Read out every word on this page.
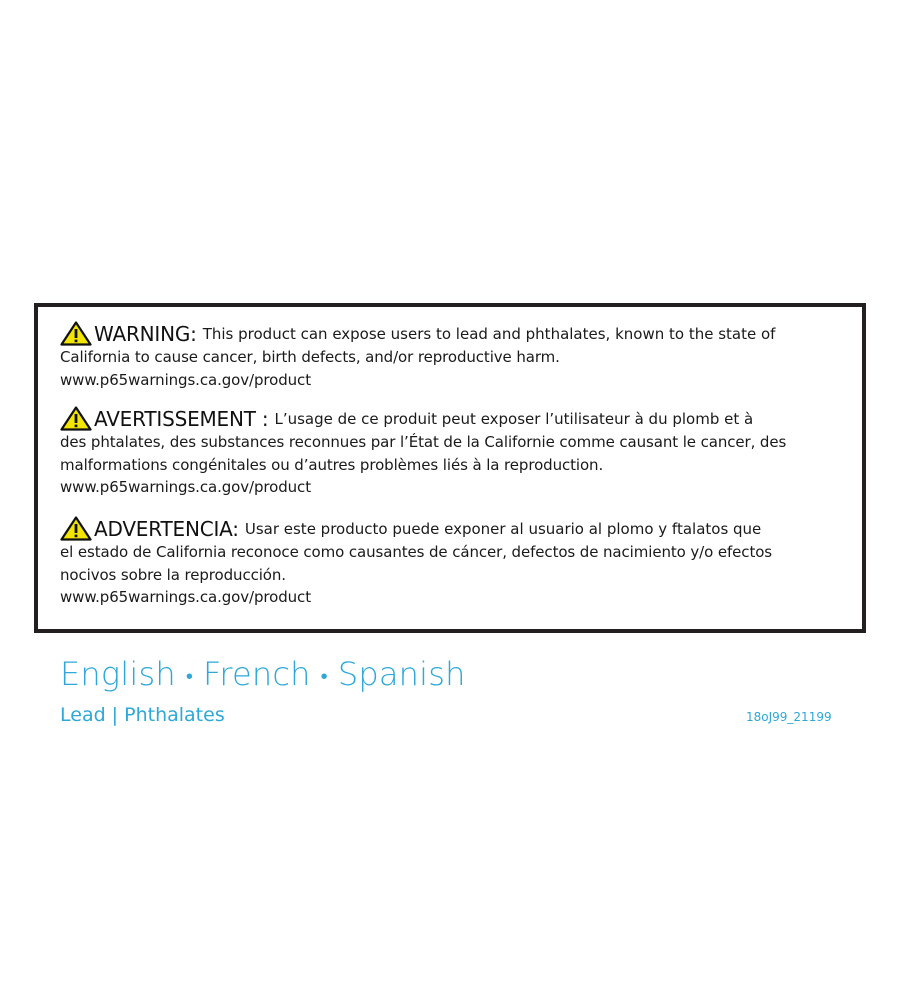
WARNING: This product can expose users to lead and phthalates, known to the state of

California to cause cancer, birth defects, and/or reproductive harm.

www.p65warnings.ca.gov/product

AVERTISSEMENT : L’usage de ce produit peut exposer l’utilisateur à du plomb et à

des phtalates, des substances reconnues par l’État de la Californie comme causant le cancer, des

malformations congénitales ou d’autres problèmes liés à la reproduction.

www.p65warnings.ca.gov/product

ADVERTENCIA: Usar este producto puede exponer al usuario al plomo y ftalatos que

el estado de California reconoce como causantes de cáncer, defectos de nacimiento y/o efectos

nocivos sobre la reproducción.

www.p65warnings.ca.gov/product

English • French • Spanish
Lead | Phthalates	18oJ99_21199
